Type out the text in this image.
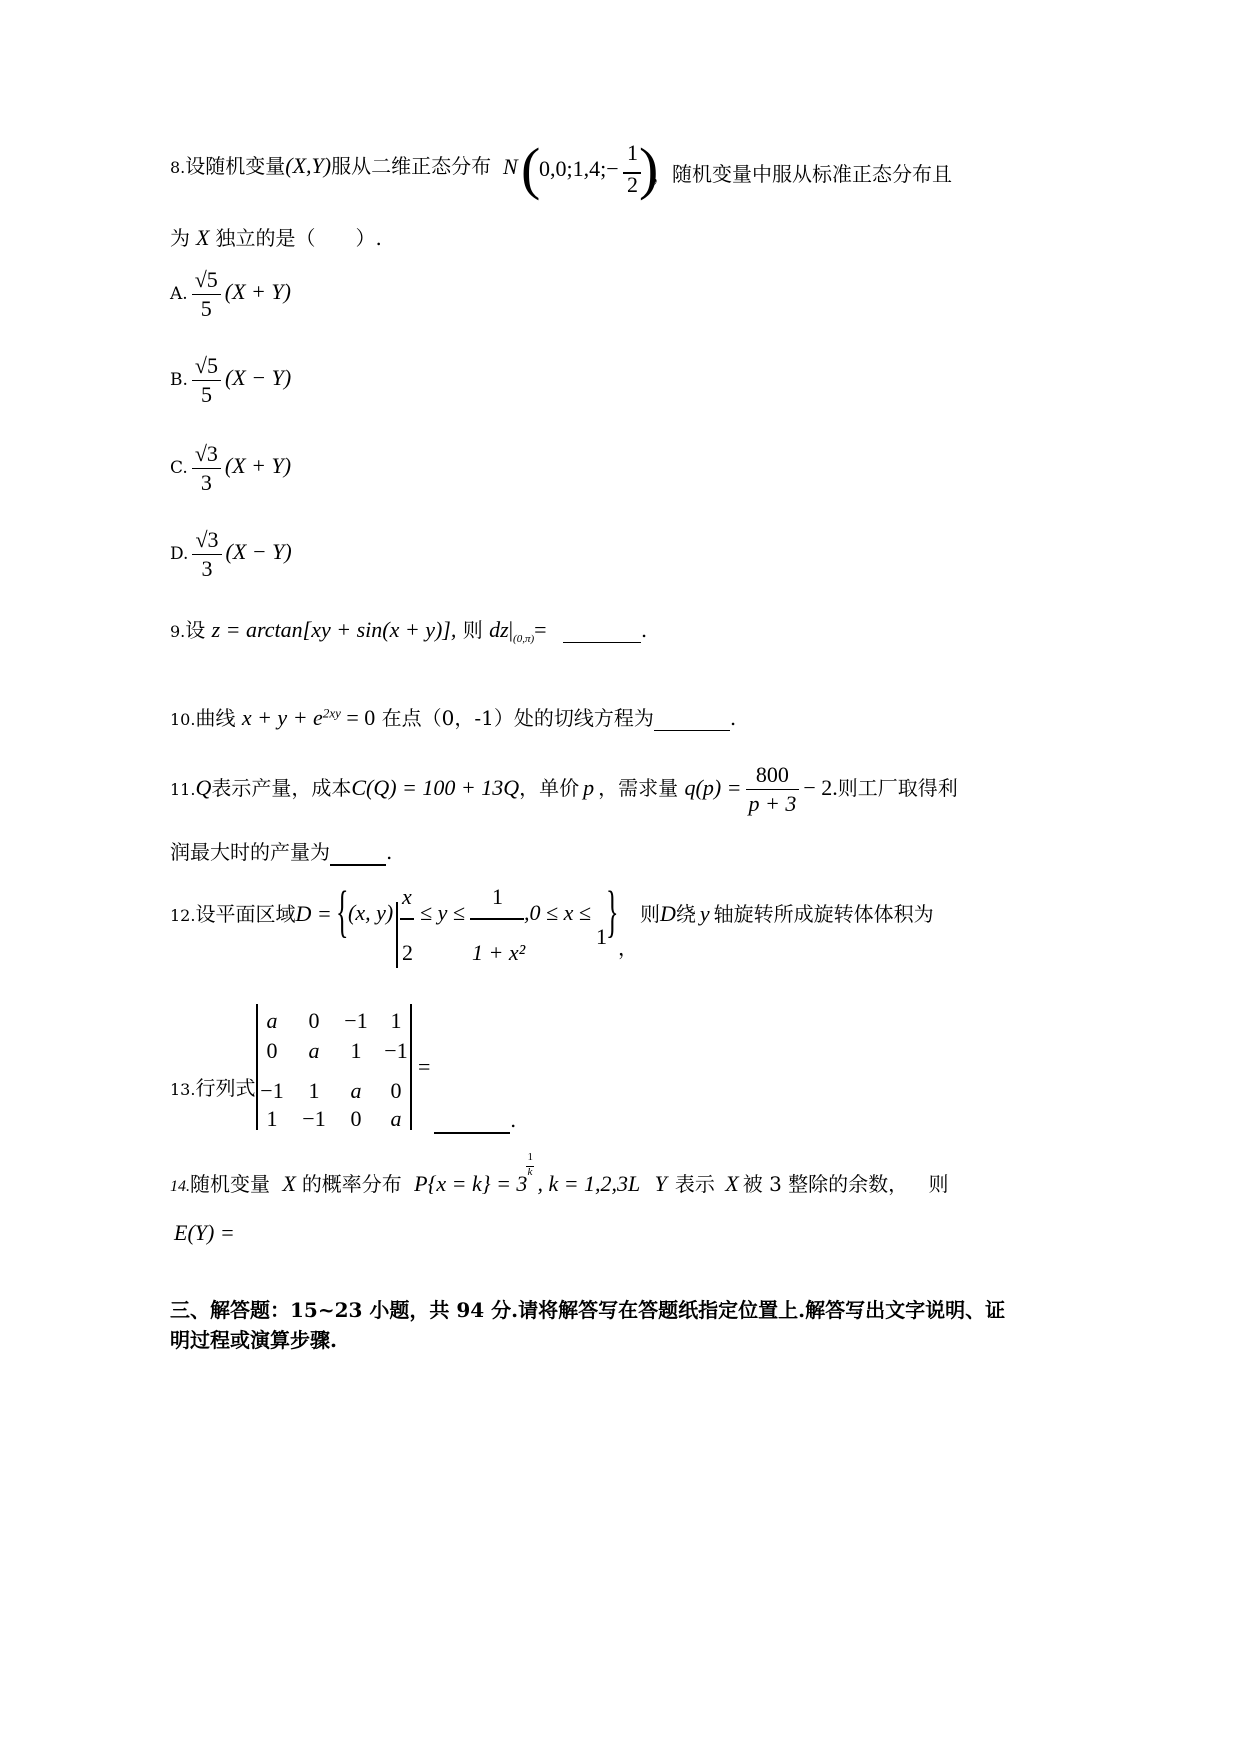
8.设随机变量(X,Y)服从二维正态分布 N (
0,0;1,4;−
1
2 )
，随机变量中服从标准正态分布且
为 X 独立的是（　　）.
A. $\frac{√5}{5} (X + Y)$
B. $\frac{√5}{5} (X - Y)$
C. $\frac{√3}{3} (X + Y)$
D. $\frac{√3}{3} (X - Y)$
9.设 z = arctan[xy + sin(x + y)], 则 $dz|_{(0,\pi)}=$	.
10.曲线 $x + y + e^{2xy} = 0$ 在点（0，-1）处的切线方程为	.
11.Q表示产量，成本C(Q) = 100 + 13Q，单价 p ，需求量 $q(p) = \frac{800}{p + 3} - 2$.则工厂取得利
润最大时的产量为	.
12.设平面区域D = { (x, y)
x
2
≤ y ≤
1
1 + x²
,0 ≤ x ≤
1 }
，
则D绕 y 轴旋转所成旋转体体积为
13.行列式
a	0	−1	1
0	a	1	−1
−1	1	a	0
1	−1	0	a
=
.
14.随机变量 X 的概率分布 $P\{x = k\} = 3 \frac{1}{k}$ , k = 1,2,3L Y 表示 X 被 3 整除的余数， 则
E(Y) =
三、解答题：15~23 小题，共 94 分.请将解答写在答题纸指定位置上.解答写出文字说明、证
明过程或演算步骤.
